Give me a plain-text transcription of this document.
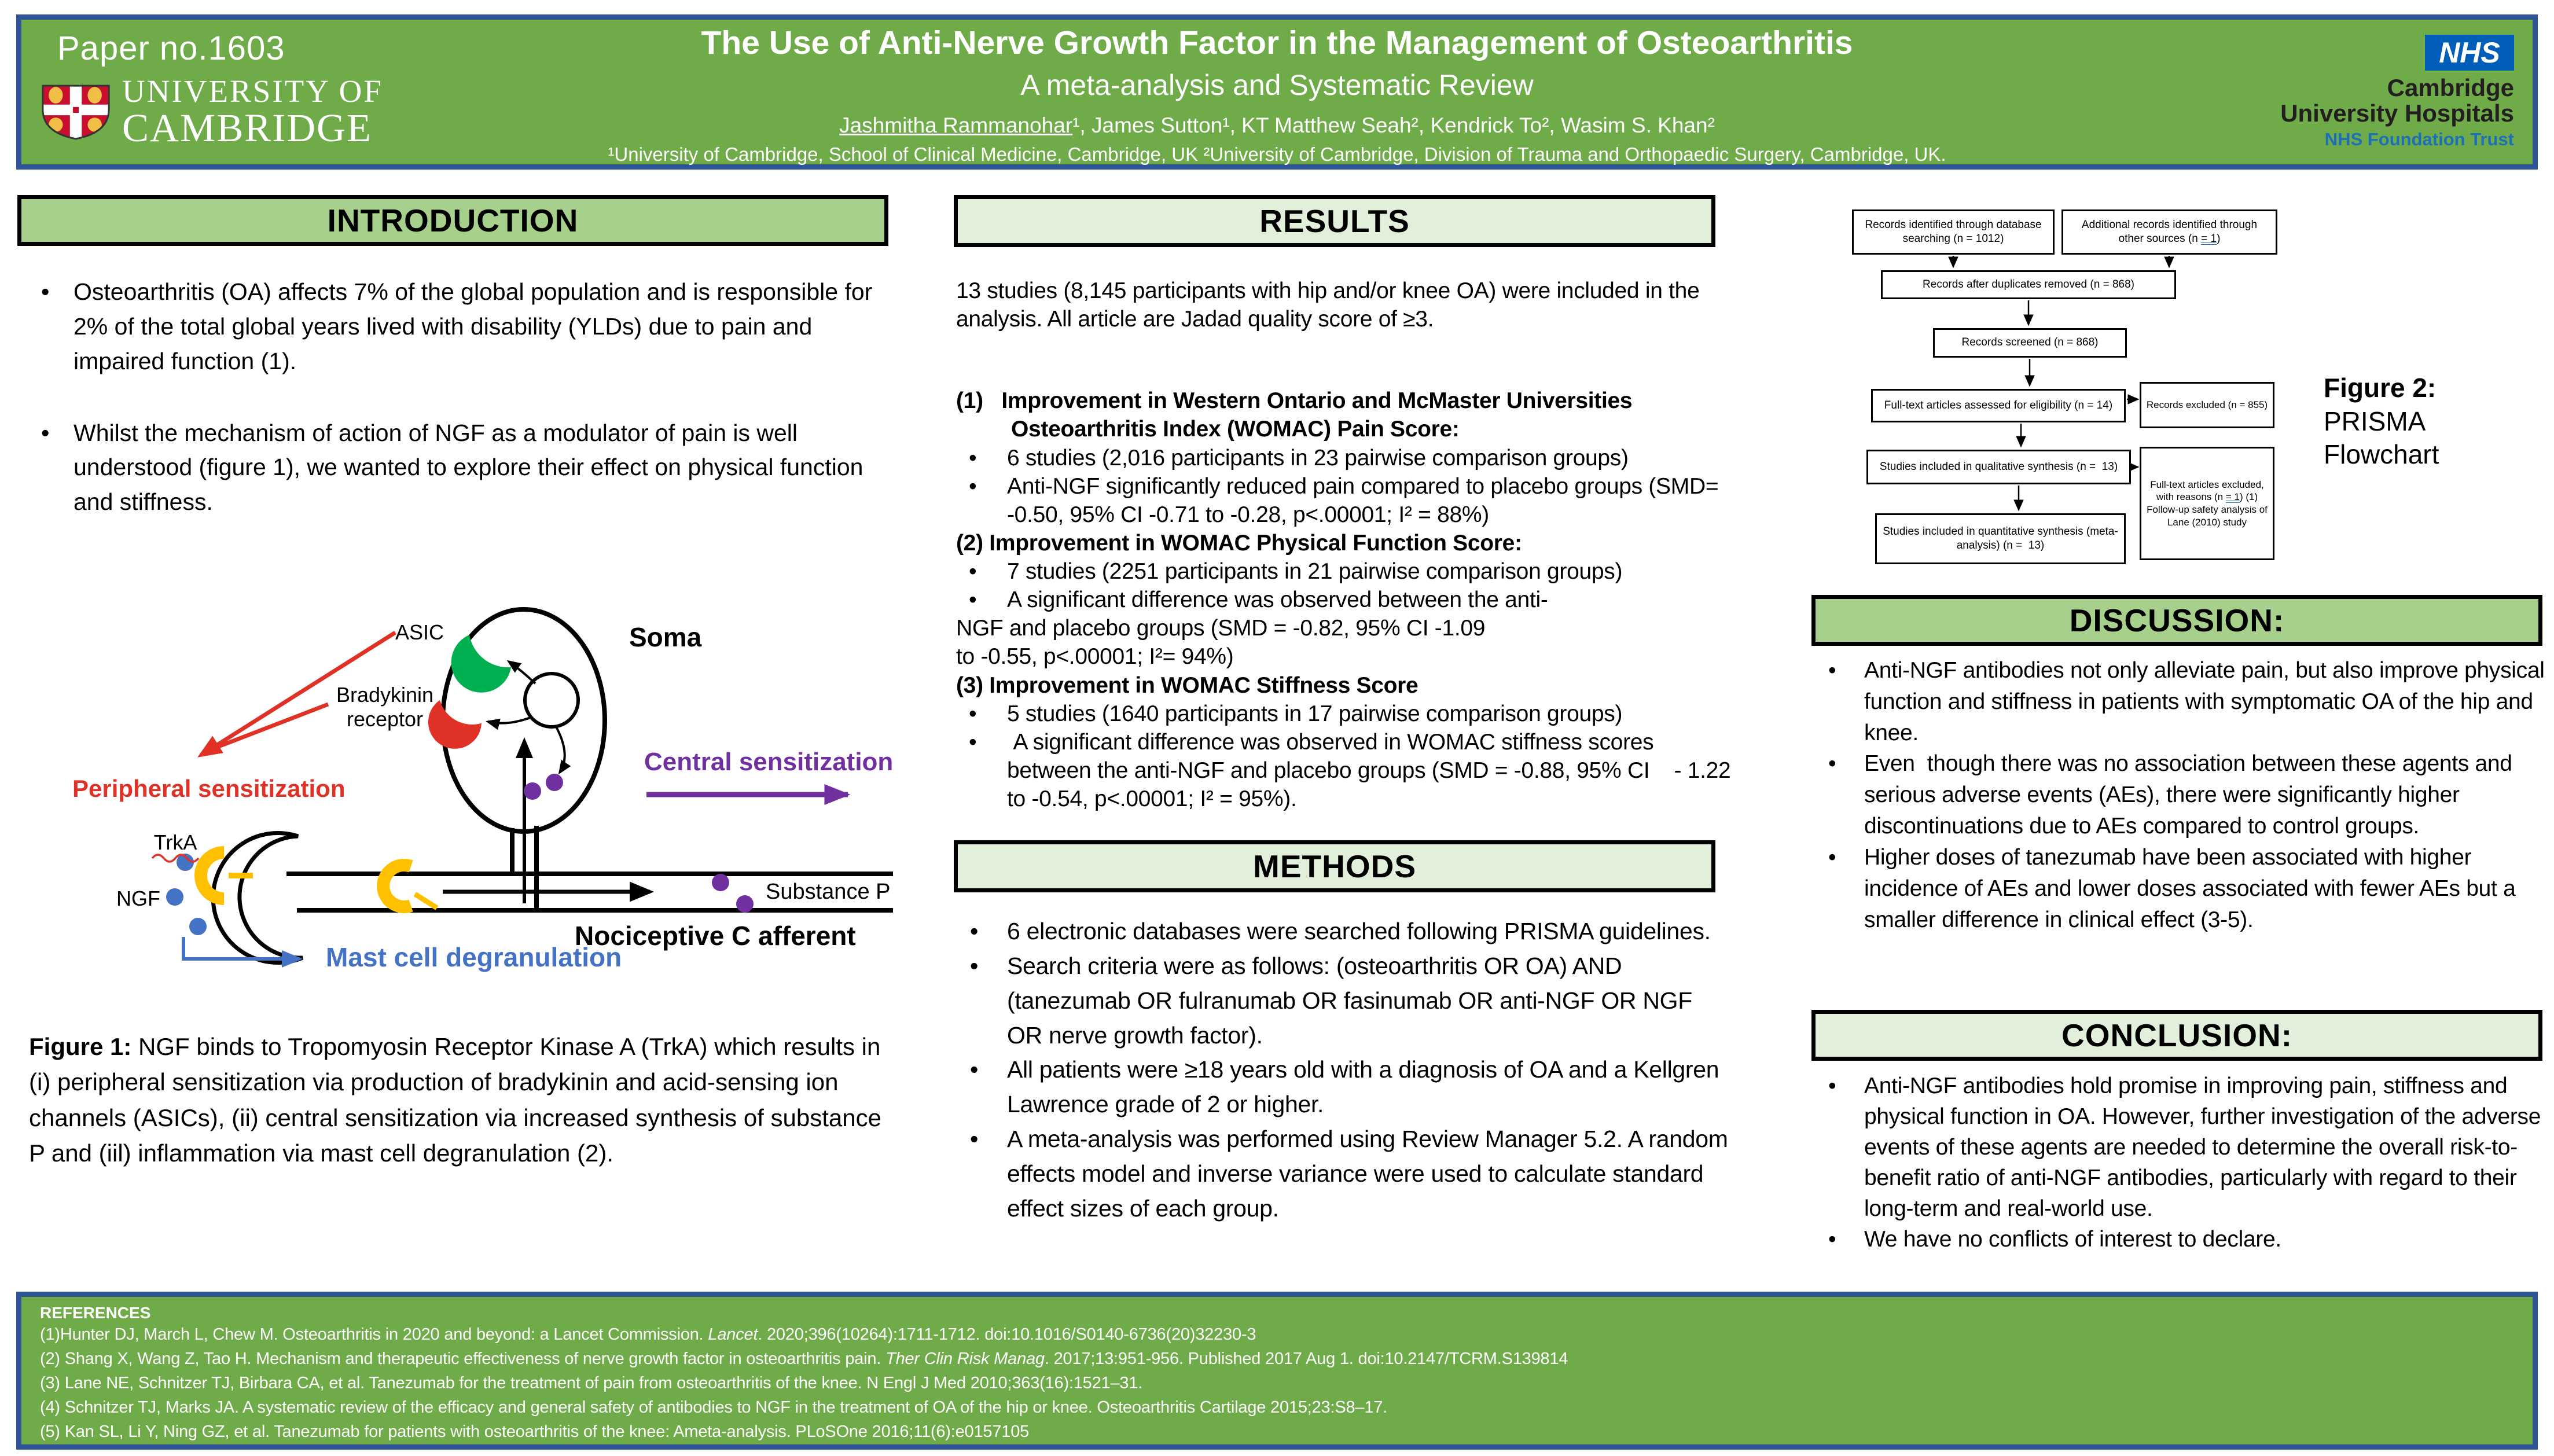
Paper no.1603
UNIVERSITY OF
CAMBRIDGE
The Use of Anti-Nerve Growth Factor in the Management of Osteoarthritis
A meta-analysis and Systematic Review
Jashmitha Rammanohar¹, James Sutton¹, KT Matthew Seah², Kendrick To², Wasim S. Khan²
¹University of Cambridge, School of Clinical Medicine, Cambridge, UK ²University of Cambridge, Division of Trauma and Orthopaedic Surgery, Cambridge, UK.
NHS
Cambridge
University Hospitals
NHS Foundation Trust
INTRODUCTION
• Osteoarthritis (OA) affects 7% of the global population and is responsible for 2% of the total global years lived with disability (YLDs) due to pain and impaired function (1).
• Whilst the mechanism of action of NGF as a modulator of pain is well understood (figure 1), we wanted to explore their effect on physical function and stiffness.
ASIC
Bradykinin
receptor
Soma
Peripheral sensitization
Central sensitization
TrkA
NGF	Substance P
Nociceptive C afferent
Mast cell degranulation
Figure 1: NGF binds to Tropomyosin Receptor Kinase A (TrkA) which results in (i) peripheral sensitization via production of bradykinin and acid-sensing ion channels (ASICs), (ii) central sensitization via increased synthesis of substance P and (iil) inflammation via mast cell degranulation (2).
RESULTS
13 studies (8,145 participants with hip and/or knee OA) were included in the analysis. All article are Jadad quality score of ≥3.
(1)   Improvement in Western Ontario and McMaster Universities Osteoarthritis Index (WOMAC) Pain Score:
• 6 studies (2,016 participants in 23 pairwise comparison groups)
• Anti-NGF significantly reduced pain compared to placebo groups (SMD= -0.50, 95% CI -0.71 to -0.28, p<.00001; I² = 88%)
(2) Improvement in WOMAC Physical Function Score:
• 7 studies (2251 participants in 21 pairwise comparison groups)
• A significant difference was observed between the anti-
NGF and placebo groups (SMD = -0.82, 95% CI -1.09
to -0.55, p<.00001; I²= 94%)
(3) Improvement in WOMAC Stiffness Score
• 5 studies (1640 participants in 17 pairwise comparison groups)
•  A significant difference was observed in WOMAC stiffness scores between the anti-NGF and placebo groups (SMD = -0.88, 95% CI    - 1.22 to -0.54, p<.00001; I² = 95%).
METHODS
• 6 electronic databases were searched following PRISMA guidelines.
• Search criteria were as follows: (osteoarthritis OR OA) AND (tanezumab OR fulranumab OR fasinumab OR anti-NGF OR NGF OR nerve growth factor).
• All patients were ≥18 years old with a diagnosis of OA and a Kellgren Lawrence grade of 2 or higher.
• A meta-analysis was performed using Review Manager 5.2. A random effects model and inverse variance were used to calculate standard effect sizes of each group.
Records identified through database searching (n = 1012)
Additional records identified through other sources (n = 1)
Records after duplicates removed (n = 868)
Records screened (n = 868)
Full-text articles assessed for eligibility (n = 14)	Records excluded (n = 855)
Studies included in qualitative synthesis (n =  13)
Full-text articles excluded, with reasons (n = 1) (1) Follow-up safety analysis of Lane (2010) study
Studies included in quantitative synthesis (meta-analysis) (n =  13)
Figure 2:
PRISMA
Flowchart
DISCUSSION:
• Anti-NGF antibodies not only alleviate pain, but also improve physical function and stiffness in patients with symptomatic OA of the hip and knee.
• Even  though there was no association between these agents and serious adverse events (AEs), there were significantly higher discontinuations due to AEs compared to control groups.
• Higher doses of tanezumab have been associated with higher incidence of AEs and lower doses associated with fewer AEs but a smaller difference in clinical effect (3-5).
CONCLUSION:
• Anti-NGF antibodies hold promise in improving pain, stiffness and physical function in OA. However, further investigation of the adverse events of these agents are needed to determine the overall risk-to-benefit ratio of anti-NGF antibodies, particularly with regard to their long-term and real-world use.
• We have no conflicts of interest to declare.
REFERENCES
(1)Hunter DJ, March L, Chew M. Osteoarthritis in 2020 and beyond: a Lancet Commission. Lancet. 2020;396(10264):1711-1712. doi:10.1016/S0140-6736(20)32230-3
(2) Shang X, Wang Z, Tao H. Mechanism and therapeutic effectiveness of nerve growth factor in osteoarthritis pain. Ther Clin Risk Manag. 2017;13:951-956. Published 2017 Aug 1. doi:10.2147/TCRM.S139814
(3) Lane NE, Schnitzer TJ, Birbara CA, et al. Tanezumab for the treatment of pain from osteoarthritis of the knee. N Engl J Med 2010;363(16):1521–31.
(4) Schnitzer TJ, Marks JA. A systematic review of the efficacy and general safety of antibodies to NGF in the treatment of OA of the hip or knee. Osteoarthritis Cartilage 2015;23:S8–17.
(5) Kan SL, Li Y, Ning GZ, et al. Tanezumab for patients with osteoarthritis of the knee: Ameta-analysis. PLoSOne 2016;11(6):e0157105
